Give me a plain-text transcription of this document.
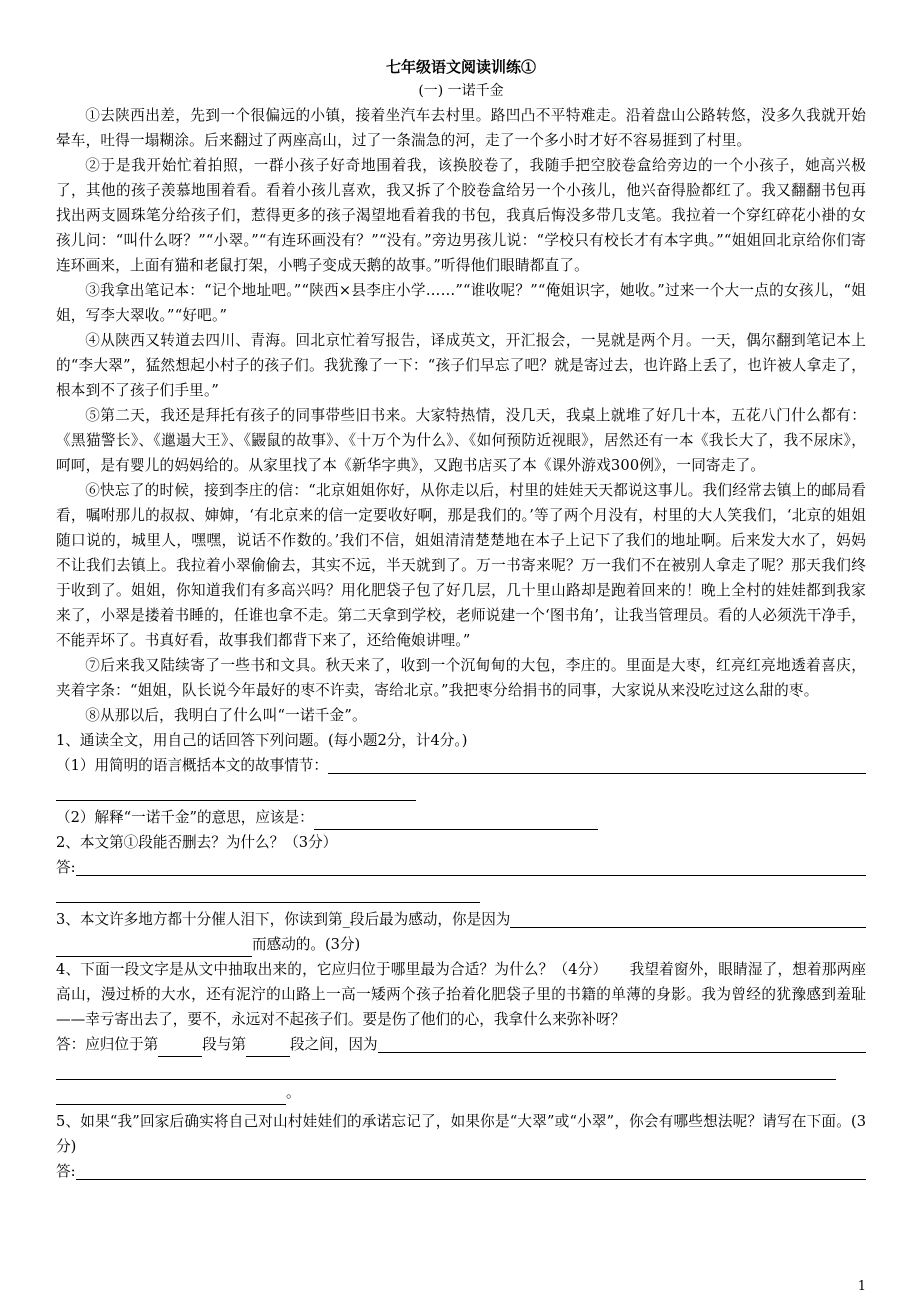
七年级语文阅读训练①
(一) 一诺千金

①去陕西出差，先到一个很偏远的小镇，接着坐汽车去村里。路凹凸不平特难走。沿着盘山公路转悠，没多久我就开始晕车，吐得一塌糊涂。后来翻过了两座高山，过了一条湍急的河，走了一个多小时才好不容易捱到了村里。

②于是我开始忙着拍照，一群小孩子好奇地围着我，该换胶卷了，我随手把空胶卷盒给旁边的一个小孩子，她高兴极了，其他的孩子羡慕地围着看。看着小孩儿喜欢，我又拆了个胶卷盒给另一个小孩儿，他兴奋得脸都红了。我又翻翻书包再找出两支圆珠笔分给孩子们，惹得更多的孩子渴望地看着我的书包，我真后悔没多带几支笔。我拉着一个穿红碎花小褂的女孩儿问：“叫什么呀？”“小翠。”“有连环画没有？”“没有。”旁边男孩儿说：“学校只有校长才有本字典。”“姐姐回北京给你们寄连环画来，上面有猫和老鼠打架，小鸭子变成天鹅的故事。”听得他们眼睛都直了。

③我拿出笔记本：“记个地址吧。”“陕西×县李庄小学……”“谁收呢？”“俺姐识字，她收。”过来一个大一点的女孩儿，“姐姐，写李大翠收。”“好吧。”

④从陕西又转道去四川、青海。回北京忙着写报告，译成英文，开汇报会，一晃就是两个月。一天，偶尔翻到笔记本上的“李大翠”，猛然想起小村子的孩子们。我犹豫了一下：“孩子们早忘了吧？就是寄过去，也许路上丢了，也许被人拿走了，根本到不了孩子们手里。”

⑤第二天，我还是拜托有孩子的同事带些旧书来。大家特热情，没几天，我桌上就堆了好几十本，五花八门什么都有：《黑猫警长》、《邋遢大王》、《鼹鼠的故事》、《十万个为什么》、《如何预防近视眼》，居然还有一本《我长大了，我不尿床》，呵呵，是有婴儿的妈妈给的。从家里找了本《新华字典》，又跑书店买了本《课外游戏300例》，一同寄走了。

⑥快忘了的时候，接到李庄的信：“北京姐姐你好，从你走以后，村里的娃娃天天都说这事儿。我们经常去镇上的邮局看看，嘱咐那儿的叔叔、婶婶，‘有北京来的信一定要收好啊，那是我们的。’等了两个月没有，村里的大人笑我们，‘北京的姐姐随口说的，城里人，嘿嘿，说话不作数的。’我们不信，姐姐清清楚楚地在本子上记下了我们的地址啊。后来发大水了，妈妈不让我们去镇上。我拉着小翠偷偷去，其实不远，半天就到了。万一书寄来呢？万一我们不在被别人拿走了呢？那天我们终于收到了。姐姐，你知道我们有多高兴吗？用化肥袋子包了好几层，几十里山路却是跑着回来的！晚上全村的娃娃都到我家来了，小翠是搂着书睡的，任谁也拿不走。第二天拿到学校，老师说建一个‘图书角’，让我当管理员。看的人必须洗干净手，不能弄坏了。书真好看，故事我们都背下来了，还给俺娘讲哩。”

⑦后来我又陆续寄了一些书和文具。秋天来了，收到一个沉甸甸的大包，李庄的。里面是大枣，红亮红亮地透着喜庆，夹着字条：“姐姐，队长说今年最好的枣不许卖，寄给北京。”我把枣分给捐书的同事，大家说从来没吃过这么甜的枣。

⑧从那以后，我明白了什么叫“一诺千金”。

1、通读全文，用自己的话回答下列问题。(每小题2分，计4分。)
（1）用简明的语言概括本文的故事情节：
（2）解释“一诺千金”的意思，应该是：
2、本文第①段能否删去？为什么？（3分）
答:
3、本文许多地方都十分催人泪下，你读到第_段后最为感动，你是因为
而感动的。(3分)

4、下面一段文字是从文中抽取出来的，它应归位于哪里最为合适？为什么？（4分）　　我望着窗外，眼睛湿了，想着那两座高山，漫过桥的大水，还有泥泞的山路上一高一矮两个孩子抬着化肥袋子里的书籍的单薄的身影。我为曾经的犹豫感到羞耻——幸亏寄出去了，要不，永远对不起孩子们。要是伤了他们的心，我拿什么来弥补呀？

答：应归位于第	段与第	段之间，因为
。

5、如果“我”回家后确实将自己对山村娃娃们的承诺忘记了，如果你是“大翠”或“小翠”，你会有哪些想法呢？请写在下面。(3分)

答:
1
